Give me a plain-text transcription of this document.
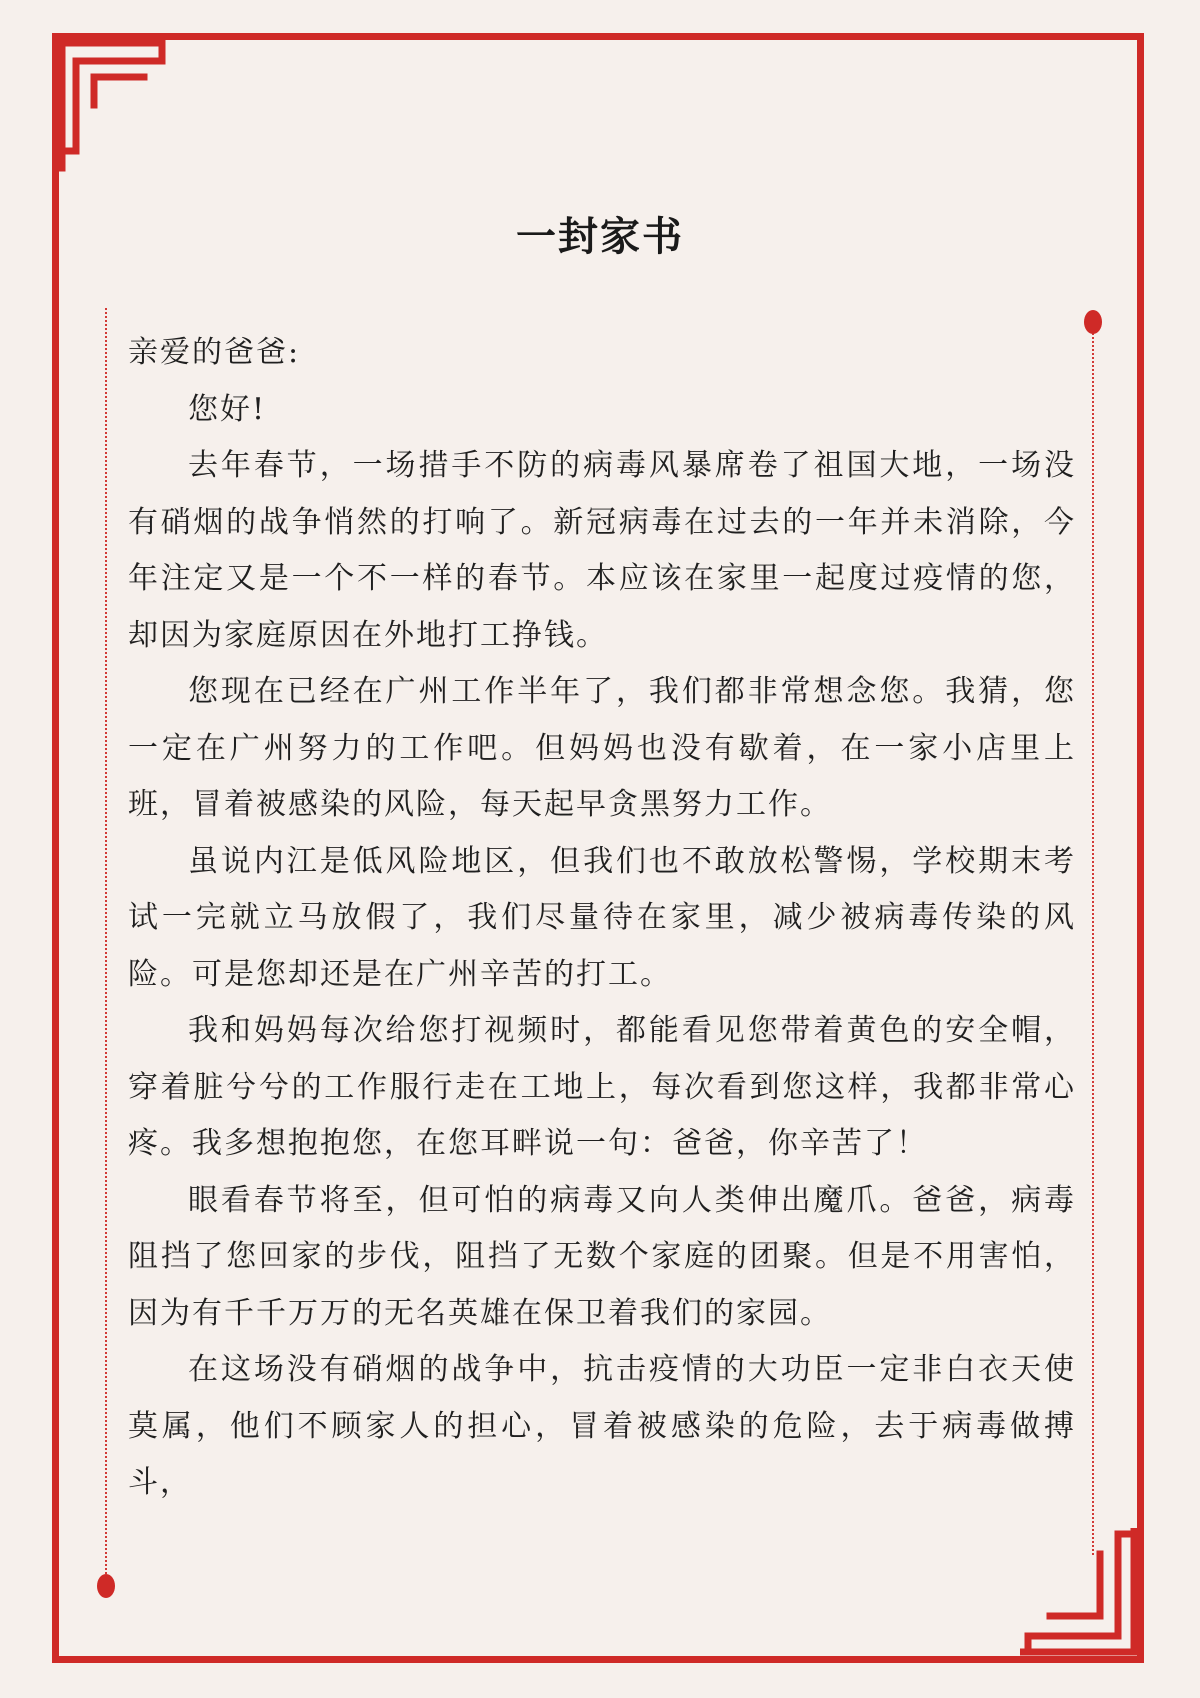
一封家书

亲爱的爸爸:

您好!

去年春节，一场措手不防的病毒风暴席卷了祖国大地，一场没有硝烟的战争悄然的打响了。新冠病毒在过去的一年并未消除，今年注定又是一个不一样的春节。本应该在家里一起度过疫情的您，却因为家庭原因在外地打工挣钱。

您现在已经在广州工作半年了，我们都非常想念您。我猜，您一定在广州努力的工作吧。但妈妈也没有歇着，在一家小店里上班，冒着被感染的风险，每天起早贪黑努力工作。

虽说内江是低风险地区，但我们也不敢放松警惕，学校期末考试一完就立马放假了，我们尽量待在家里，减少被病毒传染的风险。可是您却还是在广州辛苦的打工。

我和妈妈每次给您打视频时，都能看见您带着黄色的安全帽，穿着脏兮兮的工作服行走在工地上，每次看到您这样，我都非常心疼。我多想抱抱您，在您耳畔说一句：爸爸，你辛苦了！

眼看春节将至，但可怕的病毒又向人类伸出魔爪。爸爸，病毒阻挡了您回家的步伐，阻挡了无数个家庭的团聚。但是不用害怕，因为有千千万万的无名英雄在保卫着我们的家园。

在这场没有硝烟的战争中，抗击疫情的大功臣一定非白衣天使莫属，他们不顾家人的担心，冒着被感染的危险，去于病毒做搏斗，
